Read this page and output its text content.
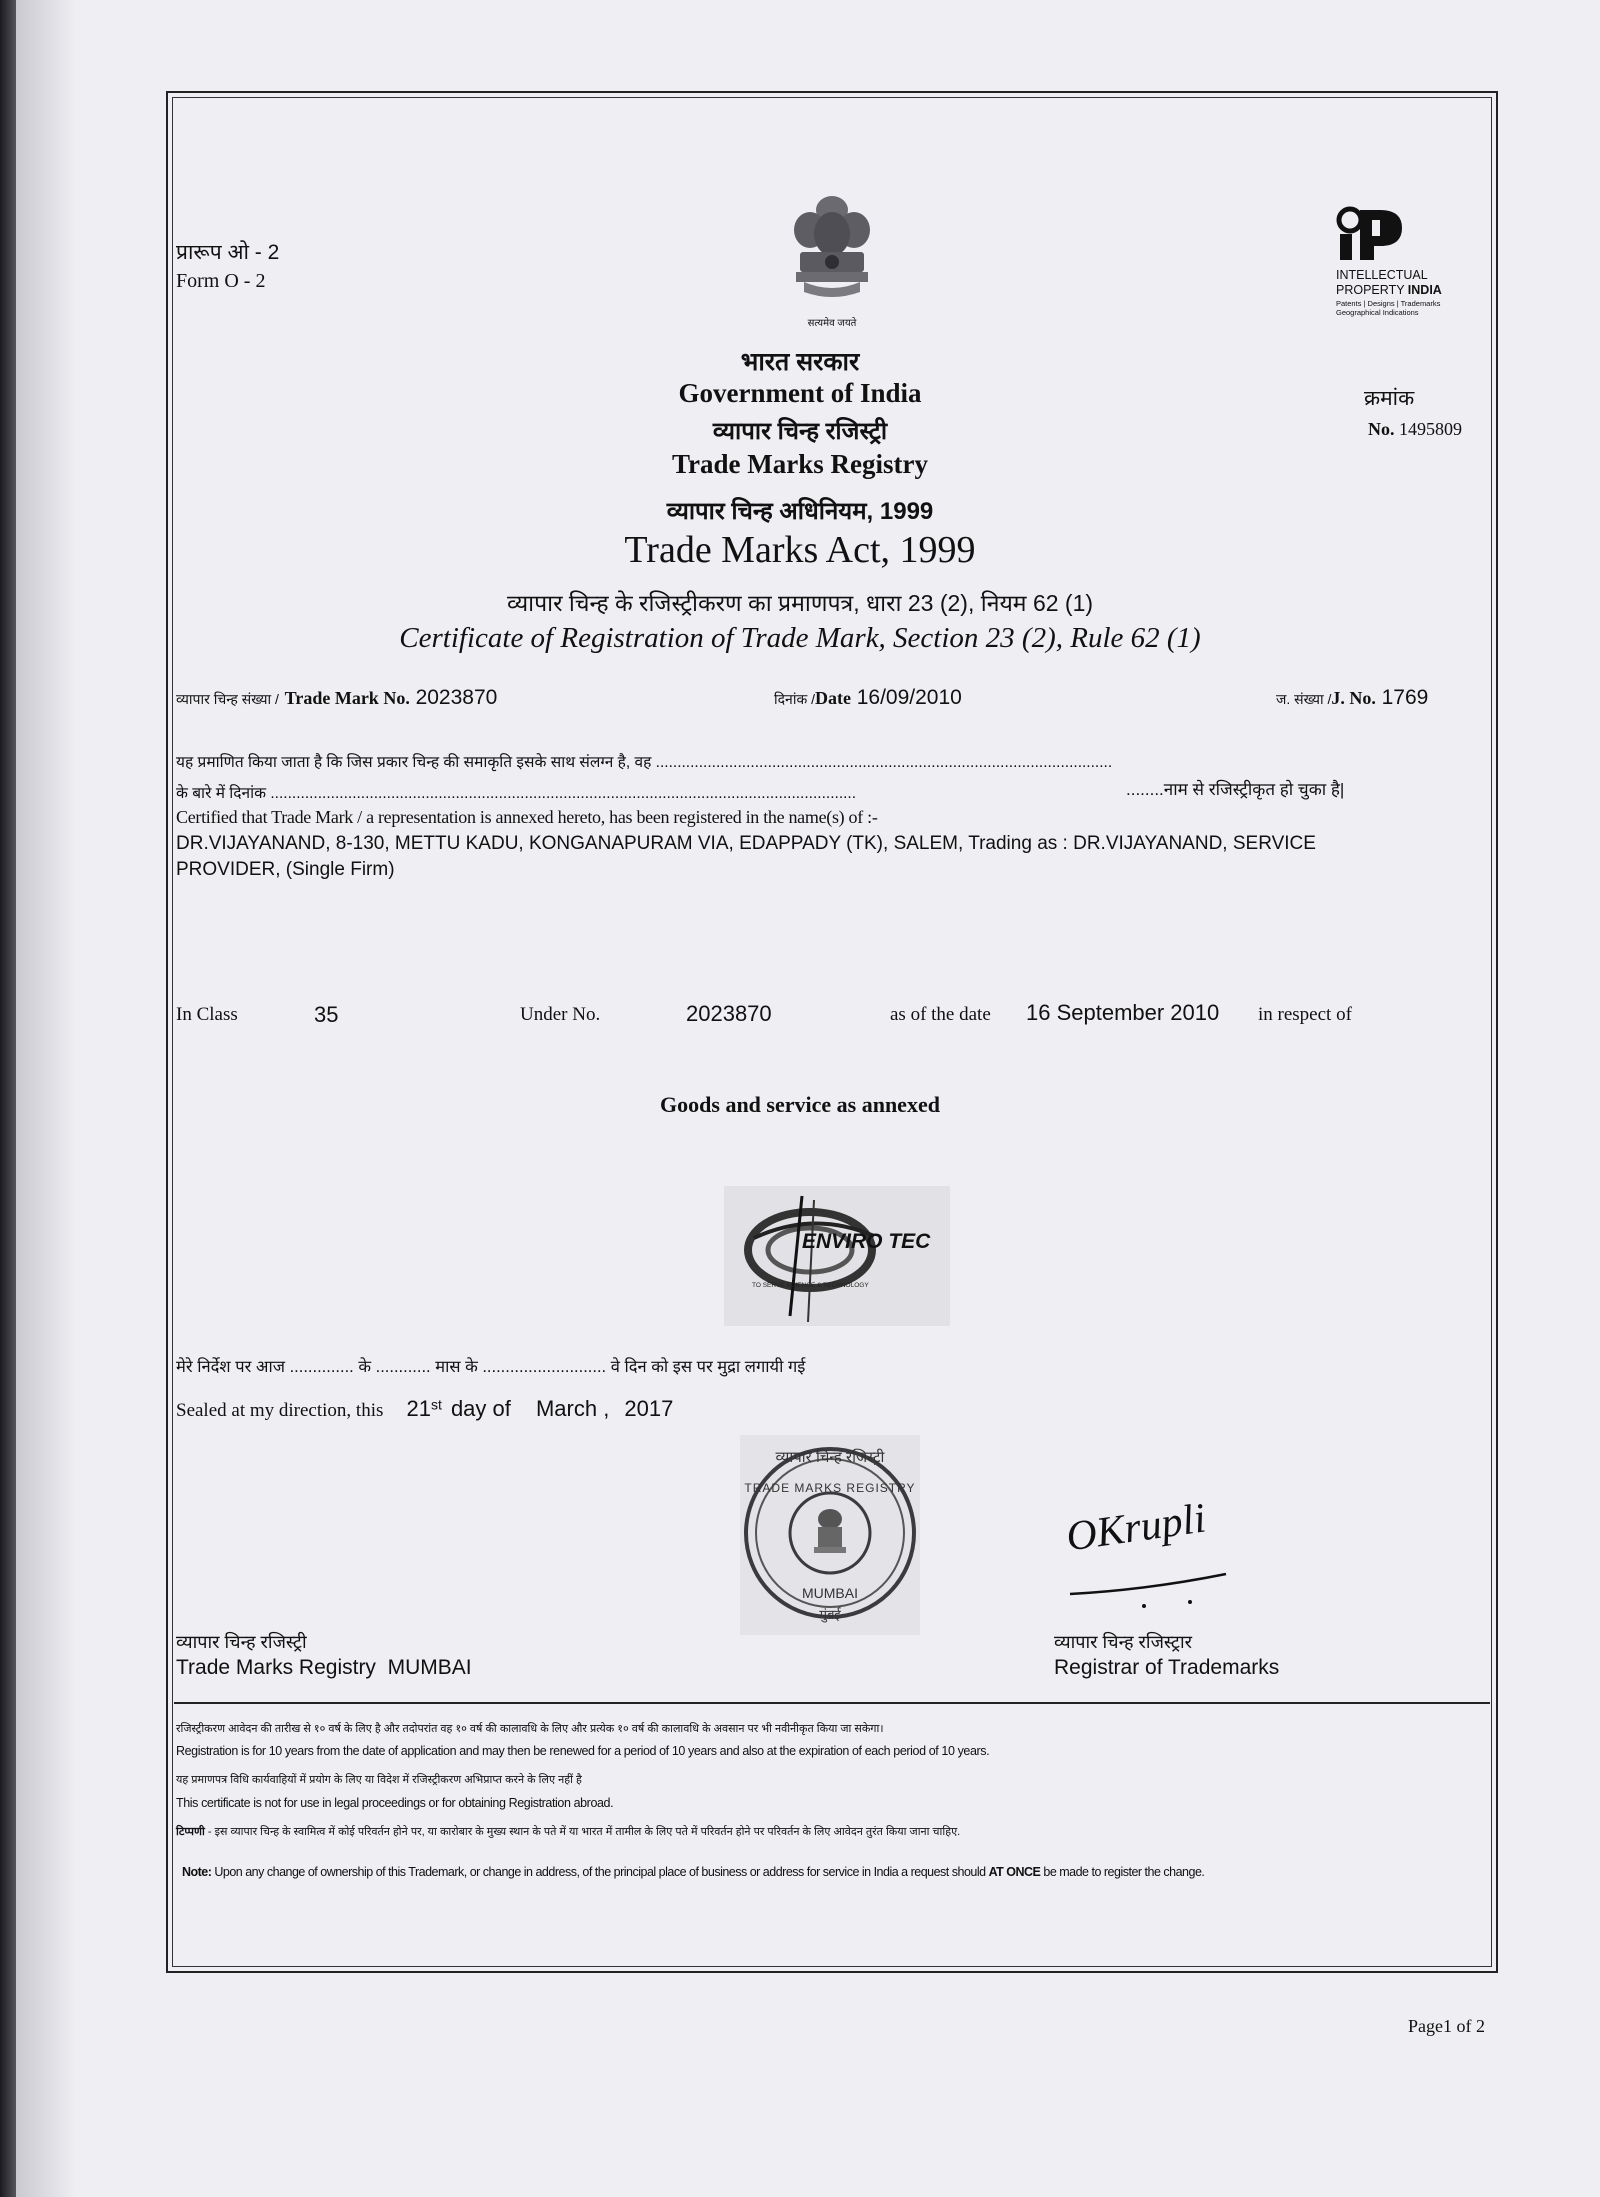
प्रारूप ओ - 2
Form O - 2
सत्यमेव जयते
INTELLECTUAL
PROPERTY INDIA
Patents | Designs | Trademarks
Geographical Indications
क्रमांक
No. 1495809
भारत सरकार
Government of India
व्यापार चिन्ह रजिस्ट्री
Trade Marks Registry
व्यापार चिन्ह अधिनियम, 1999
Trade Marks Act, 1999
व्यापार चिन्ह के रजिस्ट्रीकरण का प्रमाणपत्र, धारा 23 (2), नियम 62 (1)
Certificate of Registration of Trade Mark, Section 23 (2), Rule 62 (1)
व्यापार चिन्ह संख्या / Trade Mark No. 2023870	दिनांक /Date 16/09/2010	ज. संख्या /J. No. 1769
यह प्रमाणित किया जाता है कि जिस प्रकार चिन्ह की समाकृति इसके साथ संलग्न है, वह ..........................................................................................................
के बारे में दिनांक ........................................................................................................................................	........नाम से रजिस्ट्रीकृत हो चुका है|
Certified that Trade Mark / a representation is annexed hereto, has been registered in the name(s) of :-
DR.VIJAYANAND, 8-130, METTU KADU, KONGANAPURAM VIA, EDAPPADY (TK), SALEM, Trading as : DR.VIJAYANAND, SERVICE
PROVIDER, (Single Firm)
In Class	35	Under No.	2023870	as of the date 16 September 2010 in respect of
Goods and service as annexed
ENVIRO TEC
TO SERVE SCIENCE & TECHNOLOGY
मेरे निर्देश पर आज .............. के ............ मास के ........................... वे दिन को इस पर मुद्रा लगायी गई
Sealed at my direction, this 21st day of March , 2017
व्यापार चिन्ह रजिस्ट्री
TRADE MARKS REGISTRY
MUMBAI
मुंबई
OKrupli
व्यापार चिन्ह रजिस्ट्री
Trade Marks Registry  MUMBAI
व्यापार चिन्ह रजिस्ट्रार
Registrar of Trademarks
रजिस्ट्रीकरण आवेदन की तारीख से १० वर्ष के लिए है और तदोपरांत वह १० वर्ष की कालावधि के लिए और प्रत्येक १० वर्ष की कालावधि के अवसान पर भी नवीनीकृत किया जा सकेगा।
Registration is for 10 years from the date of application and may then be renewed for a period of 10 years and also at the expiration of each period of 10 years.
यह प्रमाणपत्र विधि कार्यवाहियों में प्रयोग के लिए या विदेश में रजिस्ट्रीकरण अभिप्राप्त करने के लिए नहीं है
This certificate is not for use in legal proceedings or for obtaining Registration abroad.
टिप्पणी - इस व्यापार चिन्ह के स्वामित्व में कोई परिवर्तन होने पर, या कारोबार के मुख्य स्थान के पते में या भारत में तामील के लिए पते में परिवर्तन होने पर परिवर्तन के लिए आवेदन तुरंत किया जाना चाहिए.

Note: Upon any change of ownership of this Trademark, or change in address, of the principal place of business or address for service in India a request should AT ONCE be made to register the change.

Page1 of 2
